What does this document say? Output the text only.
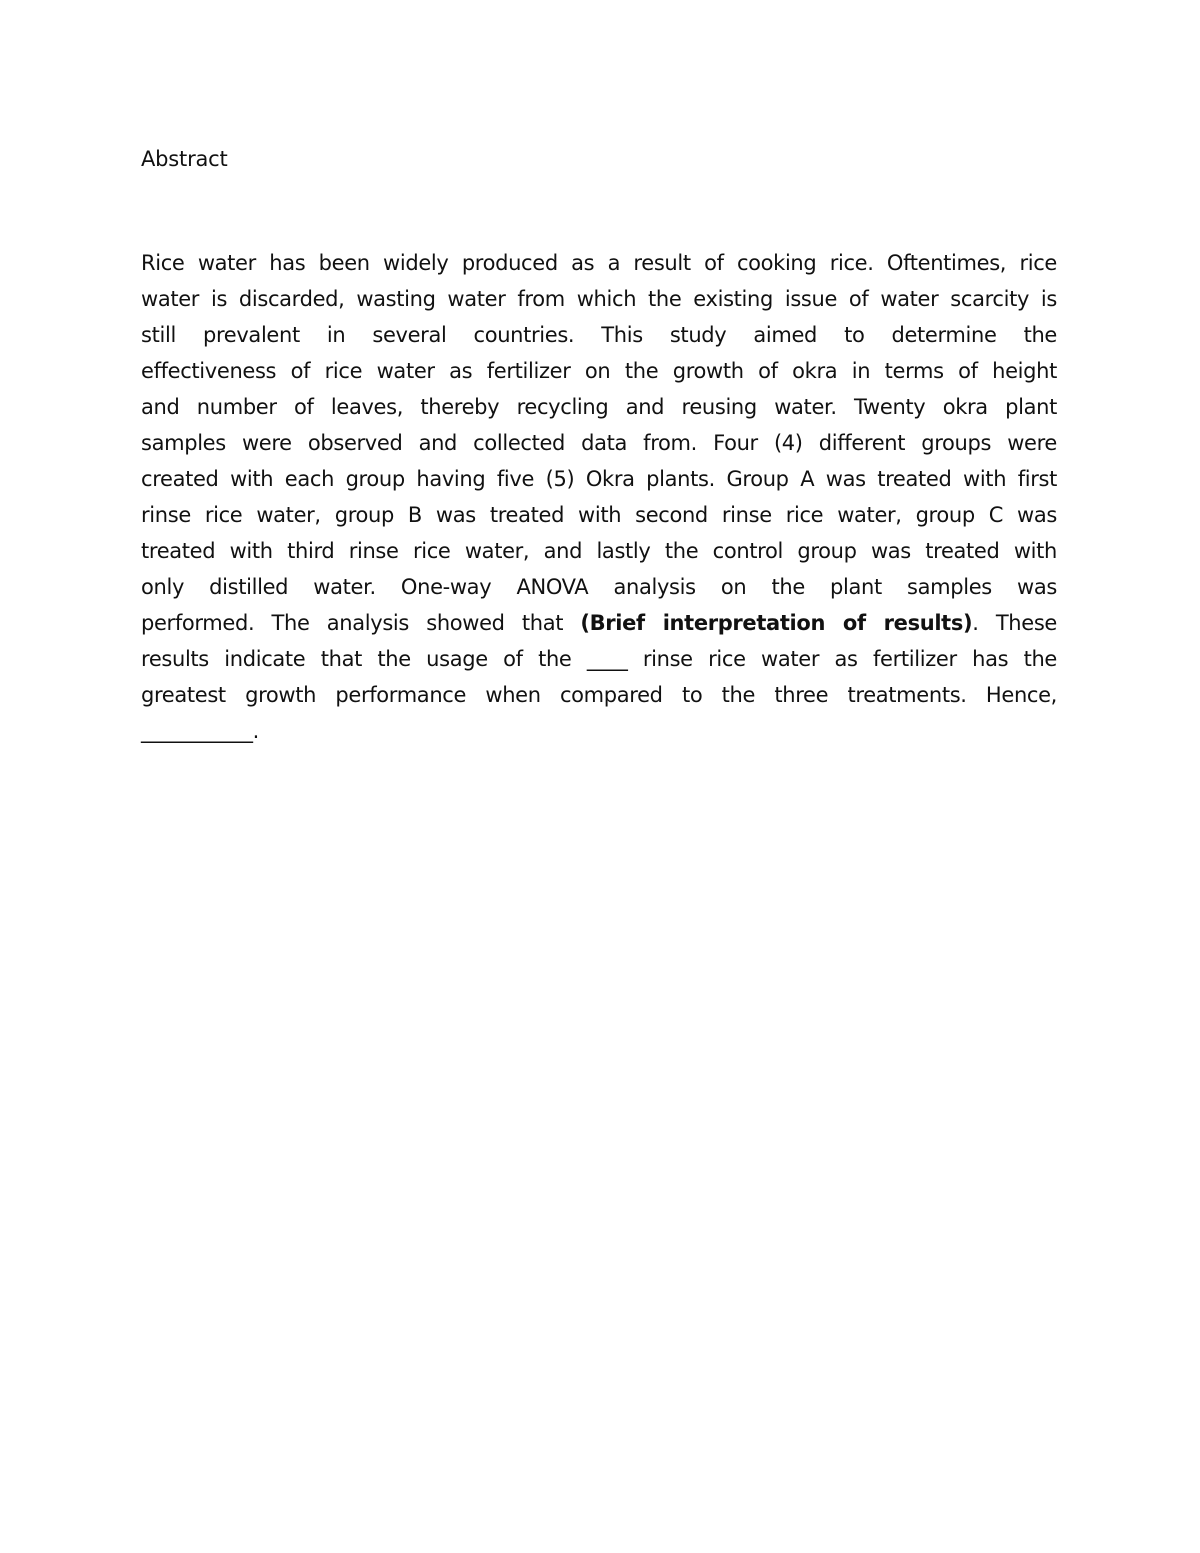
Abstract
Rice water has been widely produced as a result of cooking rice. Oftentimes, rice
water is discarded, wasting water from which the existing issue of water scarcity is
still prevalent in several countries. This study aimed to determine the
effectiveness of rice water as fertilizer on the growth of okra in terms of height
and number of leaves, thereby recycling and reusing water. Twenty okra plant
samples were observed and collected data from. Four (4) different groups were
created with each group having five (5) Okra plants. Group A was treated with first
rinse rice water, group B was treated with second rinse rice water, group C was
treated with third rinse rice water, and lastly the control group was treated with
only distilled water. One-way ANOVA analysis on the plant samples was
performed. The analysis showed that (Brief interpretation of results). These
results indicate that the usage of the ____ rinse rice water as fertilizer has the
greatest growth performance when compared to the three treatments. Hence,
___________.
